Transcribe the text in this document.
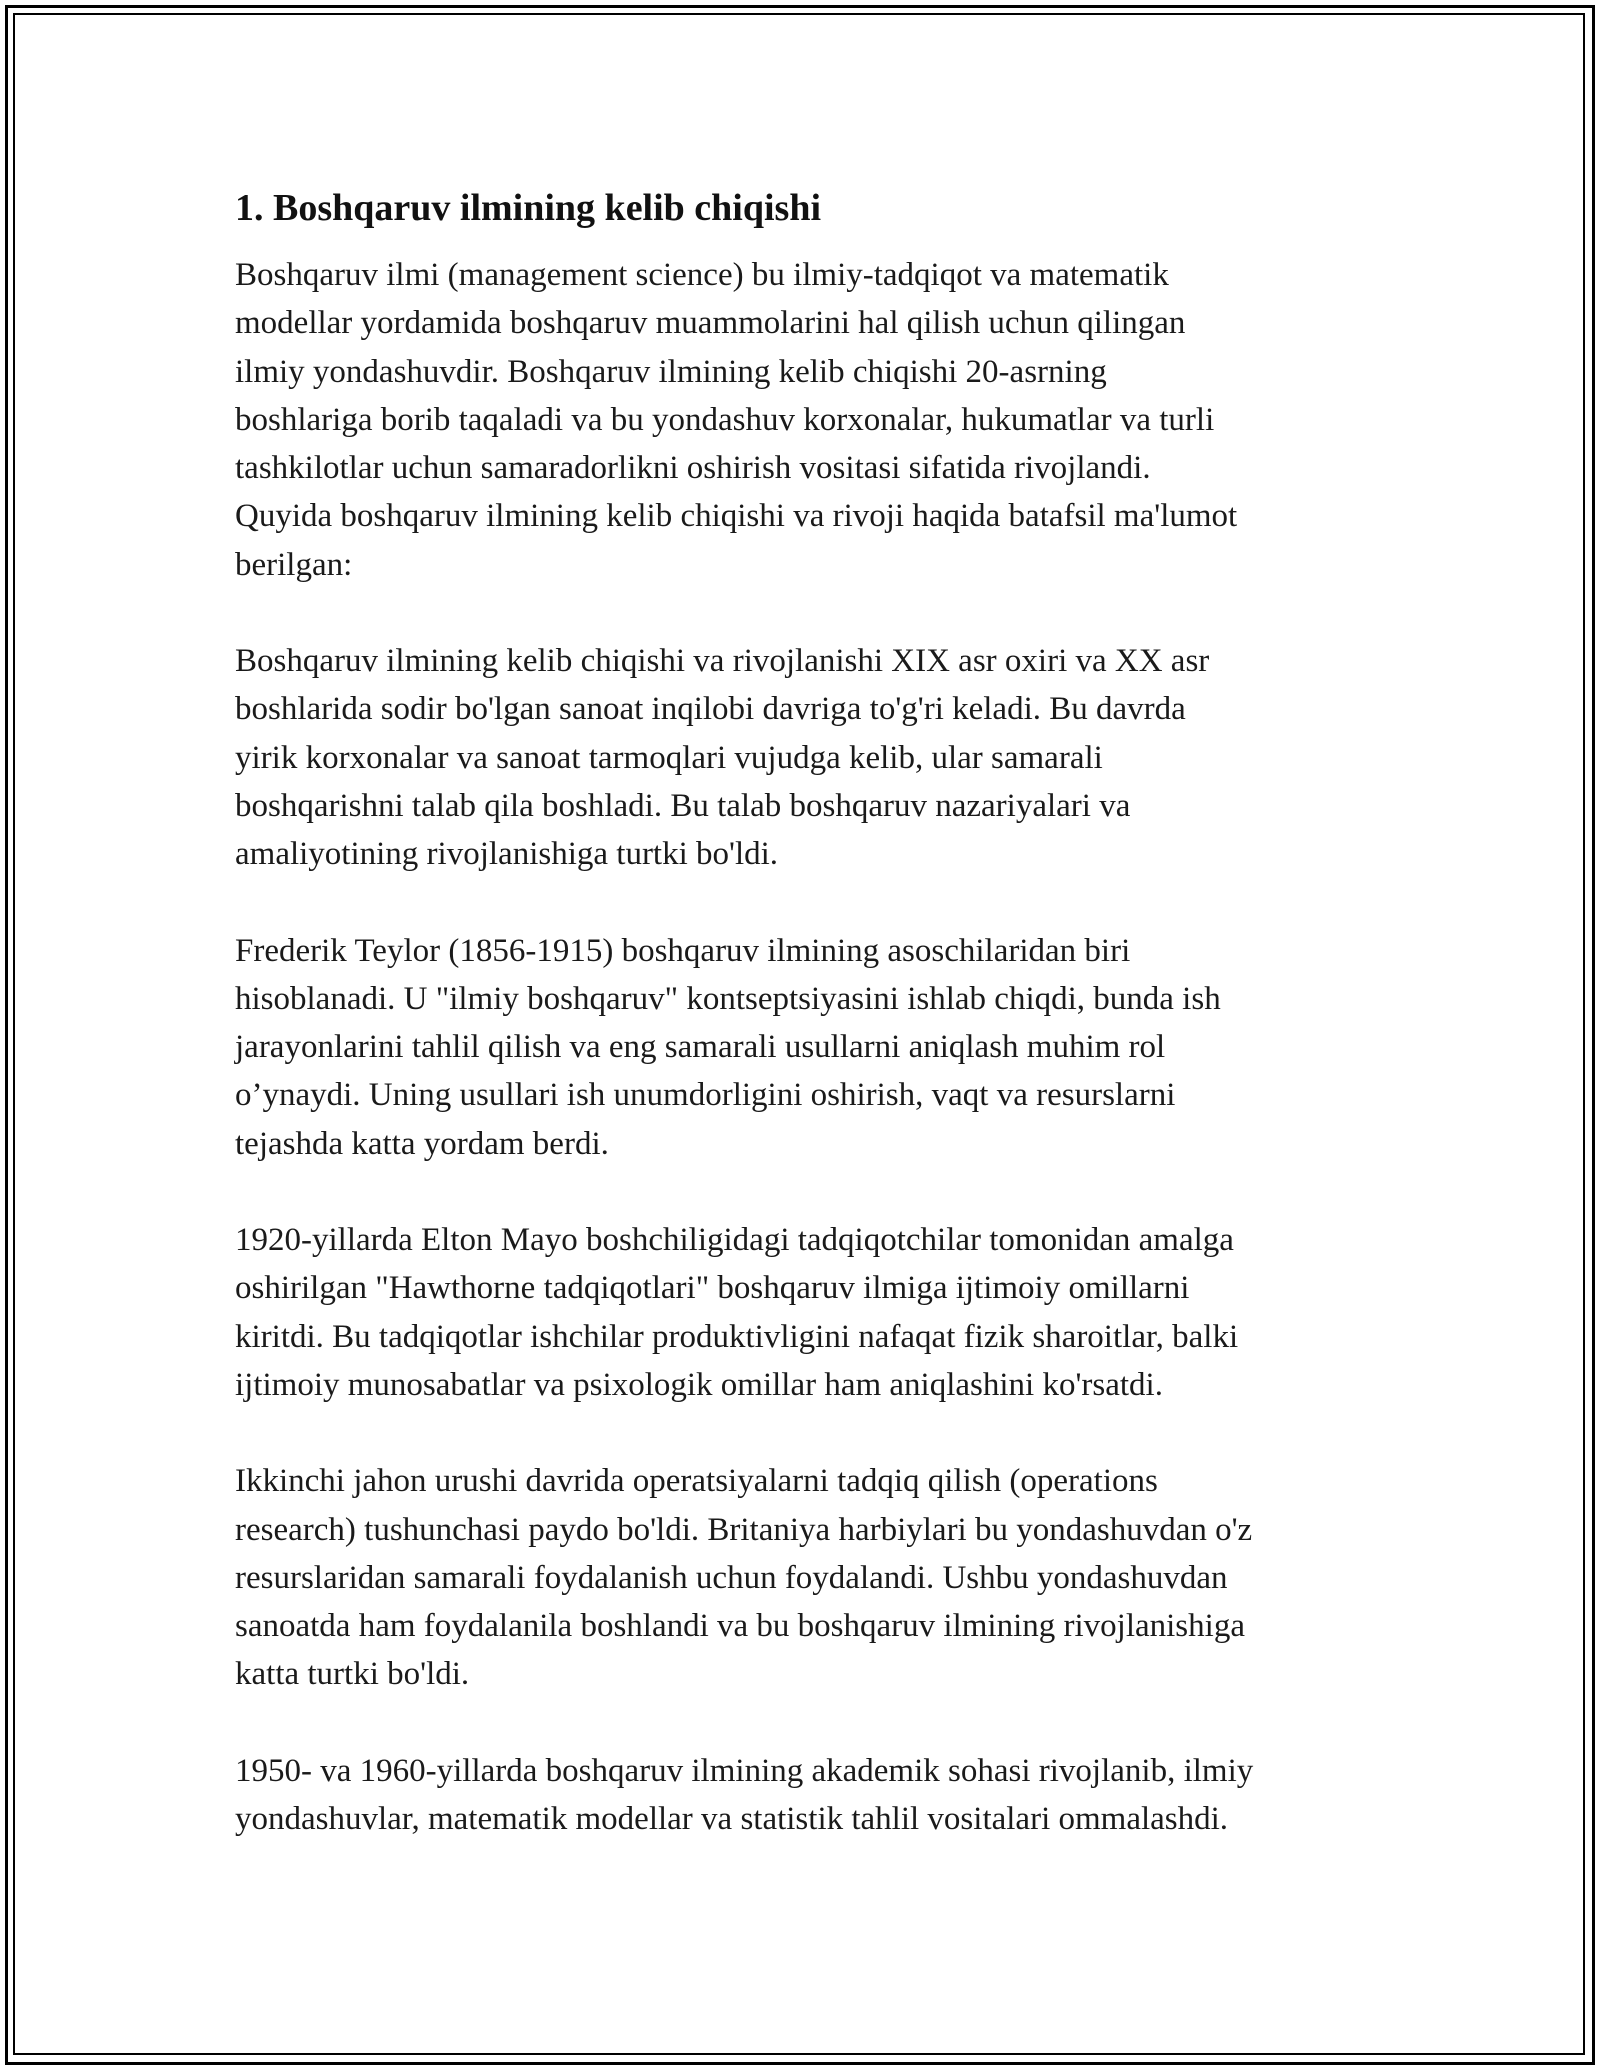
1. Boshqaruv ilmining kelib chiqishi
Boshqaruv ilmi (management science) bu ilmiy-tadqiqot va matematik
modellar yordamida boshqaruv muammolarini hal qilish uchun qilingan
ilmiy yondashuvdir. Boshqaruv ilmining kelib chiqishi 20-asrning
boshlariga borib taqaladi va bu yondashuv korxonalar, hukumatlar va turli
tashkilotlar uchun samaradorlikni oshirish vositasi sifatida rivojlandi.
Quyida boshqaruv ilmining kelib chiqishi va rivoji haqida batafsil ma'lumot
berilgan:
Boshqaruv ilmining kelib chiqishi va rivojlanishi XIX asr oxiri va XX asr
boshlarida sodir bo'lgan sanoat inqilobi davriga to'g'ri keladi. Bu davrda
yirik korxonalar va sanoat tarmoqlari vujudga kelib, ular samarali
boshqarishni talab qila boshladi. Bu talab boshqaruv nazariyalari va
amaliyotining rivojlanishiga turtki bo'ldi.
Frederik Teylor (1856-1915) boshqaruv ilmining asoschilaridan biri
hisoblanadi. U "ilmiy boshqaruv" kontseptsiyasini ishlab chiqdi, bunda ish
jarayonlarini tahlil qilish va eng samarali usullarni aniqlash muhim rol
o’ynaydi. Uning usullari ish unumdorligini oshirish, vaqt va resurslarni
tejashda katta yordam berdi.
1920-yillarda Elton Mayo boshchiligidagi tadqiqotchilar tomonidan amalga
oshirilgan "Hawthorne tadqiqotlari" boshqaruv ilmiga ijtimoiy omillarni
kiritdi. Bu tadqiqotlar ishchilar produktivligini nafaqat fizik sharoitlar, balki
ijtimoiy munosabatlar va psixologik omillar ham aniqlashini ko'rsatdi.
Ikkinchi jahon urushi davrida operatsiyalarni tadqiq qilish (operations
research) tushunchasi paydo bo'ldi. Britaniya harbiylari bu yondashuvdan o'z
resurslaridan samarali foydalanish uchun foydalandi. Ushbu yondashuvdan
sanoatda ham foydalanila boshlandi va bu boshqaruv ilmining rivojlanishiga
katta turtki bo'ldi.
1950- va 1960-yillarda boshqaruv ilmining akademik sohasi rivojlanib, ilmiy
yondashuvlar, matematik modellar va statistik tahlil vositalari ommalashdi.
